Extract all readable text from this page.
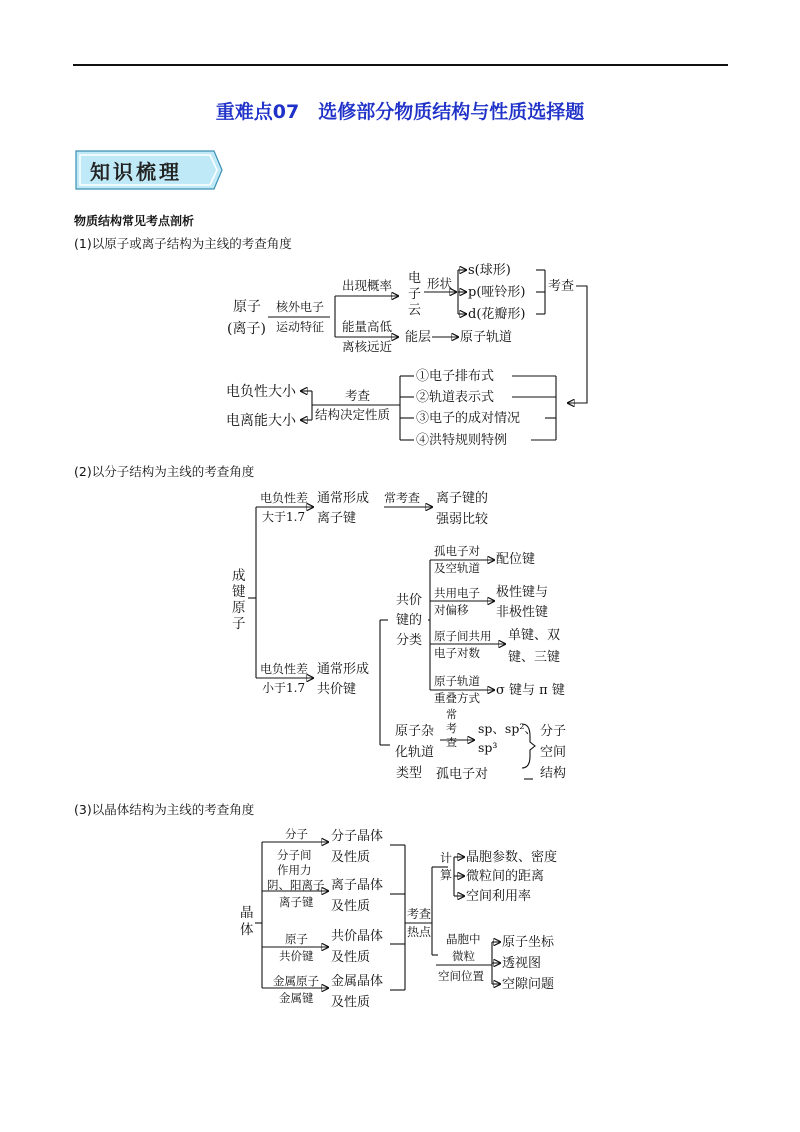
重难点07　选修部分物质结构与性质选择题
知识梳理
物质结构常见考点剖析
(1)以原子或离子结构为主线的考查角度
(2)以分子结构为主线的考查角度
(3)以晶体结构为主线的考查角度
原子
(离子)
核外电子
运动特征
出现概率
能量高低
离核远近
电
子
云
形状
s(球形)
p(哑铃形)
d(花瓣形)
考查
能层 原子轨道
①电子排布式
②轨道表示式
③电子的成对情况
④洪特规则特例
考查
结构决定性质
电负性大小
电离能大小
成
键
原
子
电负性差
大于1.7
通常形成
离子键
常考查 离子键的
强弱比较
电负性差
小于1.7
通常形成
共价键
共价
键的
分类
孤电子对
及空轨道
配位键
共用电子
对偏移
极性键与
非极性键
原子间共用
电子对数
单键、双
键、三键
原子轨道
重叠方式 σ 键与 π 键
原子杂
化轨道
类型
常
考
查
sp、sp²、
sp³
孤电子对
分子
空间
结构
晶
体
分子
分子间
作用力
分子晶体
及性质
阴、阳离子
离子键
离子晶体
及性质
原子
共价键
共价晶体
及性质
金属原子
金属键
金属晶体
及性质
考查
热点
计
算
晶胞参数、密度
微粒间的距离
空间利用率
晶胞中
微粒
空间位置
原子坐标
透视图
空隙问题
